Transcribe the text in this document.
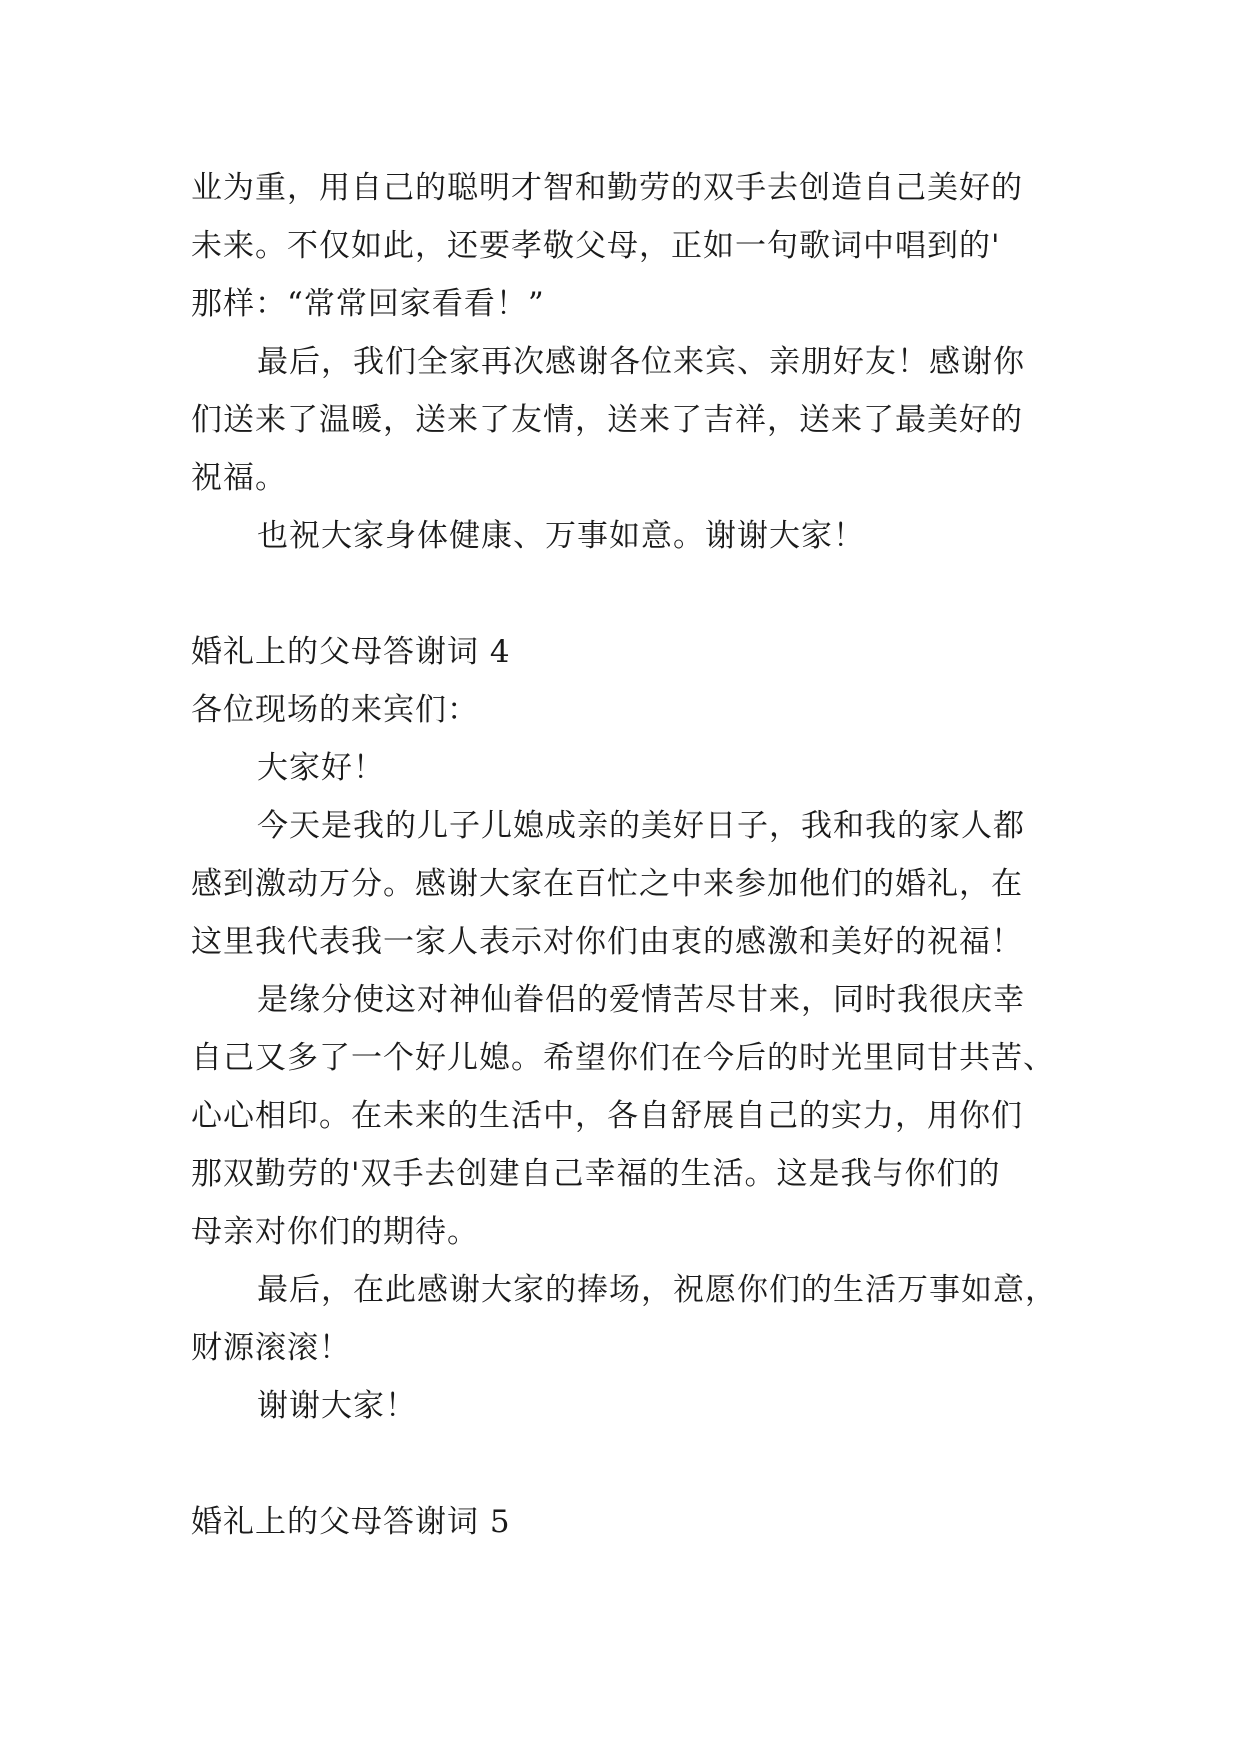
业为重，用自己的聪明才智和勤劳的双手去创造自己美好的
未来。不仅如此，还要孝敬父母，正如一句歌词中唱到的'
那样：“常常回家看看！”
最后，我们全家再次感谢各位来宾、亲朋好友！感谢你
们送来了温暖，送来了友情，送来了吉祥，送来了最美好的
祝福。
也祝大家身体健康、万事如意。谢谢大家！
婚礼上的父母答谢词 4
各位现场的来宾们：
大家好！
今天是我的儿子儿媳成亲的美好日子，我和我的家人都
感到激动万分。感谢大家在百忙之中来参加他们的婚礼，在
这里我代表我一家人表示对你们由衷的感激和美好的祝福！
是缘分使这对神仙眷侣的爱情苦尽甘来，同时我很庆幸
自己又多了一个好儿媳。希望你们在今后的时光里同甘共苦、
心心相印。在未来的生活中，各自舒展自己的实力，用你们
那双勤劳的'双手去创建自己幸福的生活。这是我与你们的
母亲对你们的期待。
最后，在此感谢大家的捧场，祝愿你们的生活万事如意，
财源滚滚！
谢谢大家！
婚礼上的父母答谢词 5
